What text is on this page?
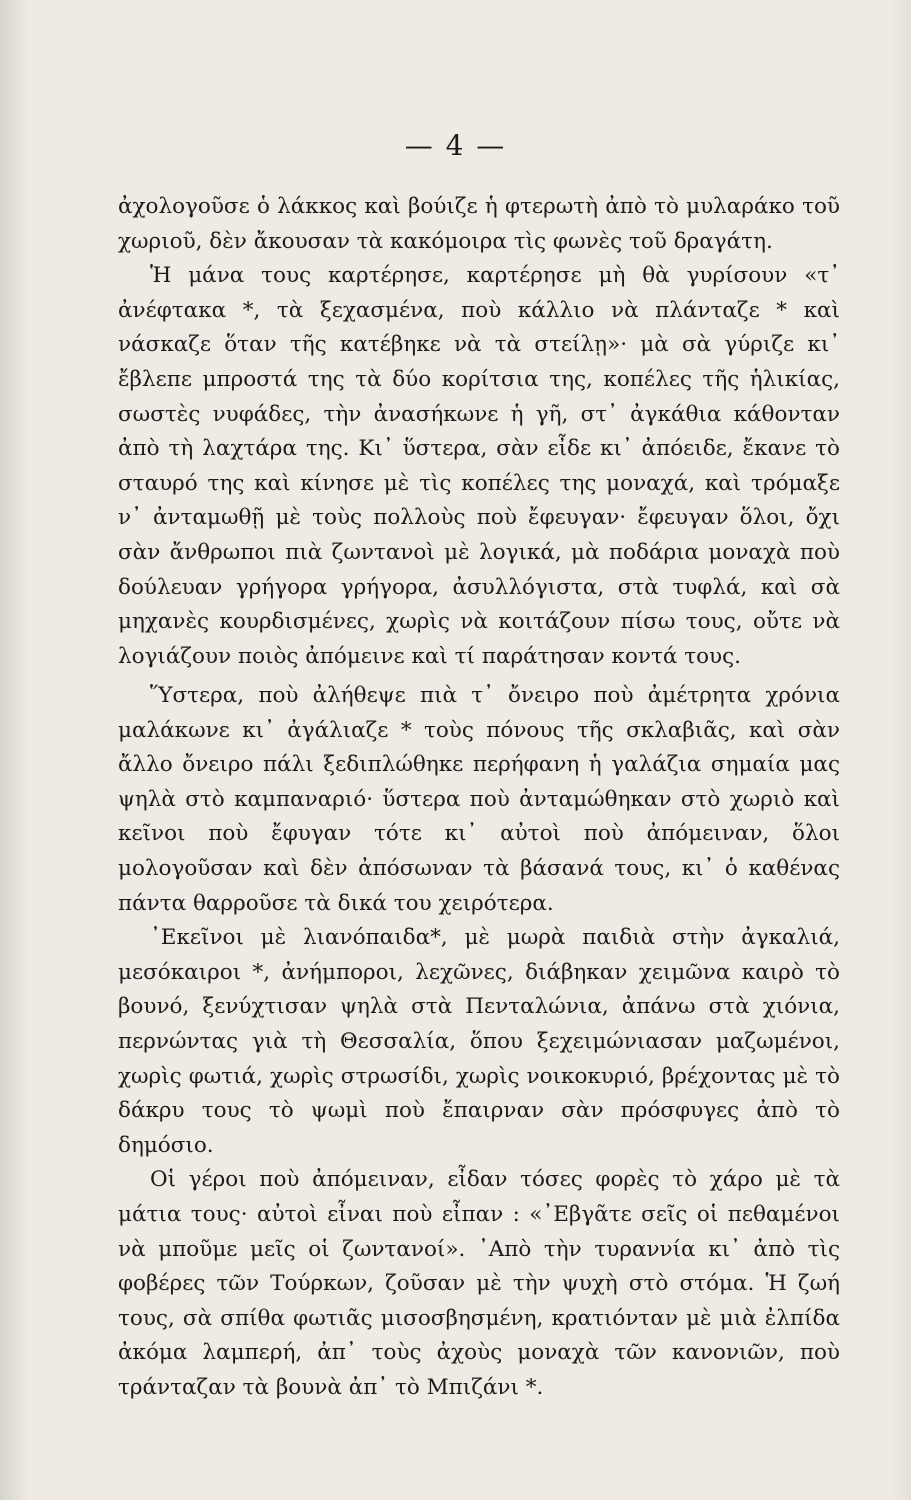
— 4 —

ἀχολογοῦσε ὁ λάκκος καὶ βούιζε ἡ φτερωτὴ ἀπὸ τὸ μυλαράκο τοῦ χωριοῦ, δὲν ἄκουσαν τὰ κακόμοιρα τὶς φωνὲς τοῦ δραγάτη.

Ἡ μάνα τους καρτέρησε, καρτέρησε μὴ θὰ γυρίσουν «τ᾽ ἀνέφτακα *, τὰ ξεχασμένα, ποὺ κάλλιο νὰ πλάνταζε * καὶ νάσκαζε ὅταν τῆς κατέβηκε νὰ τὰ στείλῃ»· μὰ σὰ γύριζε κι᾽ ἔβλεπε μπροστά της τὰ δύο κορίτσια της, κοπέλες τῆς ἡλικίας, σωστὲς νυφάδες, τὴν ἀνασήκωνε ἡ γῆ, στ᾽ ἀγκάθια κάθονταν ἀπὸ τὴ λαχτάρα της. Κι᾽ ὕστερα, σὰν εἶδε κι᾽ ἀπόειδε, ἔκανε τὸ σταυρό της καὶ κίνησε μὲ τὶς κοπέλες της μοναχά, καὶ τρόμαξε ν᾽ ἀνταμωθῇ μὲ τοὺς πολλοὺς ποὺ ἔφευγαν· ἔφευγαν ὅλοι, ὄχι σὰν ἄνθρωποι πιὰ ζωντανοὶ μὲ λογικά, μὰ ποδάρια μοναχὰ ποὺ δούλευαν γρήγορα γρήγορα, ἀσυλλόγιστα, στὰ τυφλά, καὶ σὰ μηχανὲς κουρδισμένες, χωρὶς νὰ κοιτάζουν πίσω τους, οὔτε νὰ λογιάζουν ποιὸς ἀπόμεινε καὶ τί παράτησαν κοντά τους.

Ὕστερα, ποὺ ἀλήθεψε πιὰ τ᾽ ὄνειρο ποὺ ἀμέτρητα χρόνια μαλάκωνε κι᾽ ἀγάλιαζε * τοὺς πόνους τῆς σκλαβιᾶς, καὶ σὰν ἄλλο ὄνειρο πάλι ξεδιπλώθηκε περήφανη ἡ γαλάζια σημαία μας ψηλὰ στὸ καμπαναριό· ὕστερα ποὺ ἀνταμώθηκαν στὸ χωριὸ καὶ κεῖνοι ποὺ ἔφυγαν τότε κι᾽ αὐτοὶ ποὺ ἀπόμειναν, ὅλοι μολογοῦσαν καὶ δὲν ἀπόσωναν τὰ βάσανά τους, κι᾽ ὁ καθένας πάντα θαρροῦσε τὰ δικά του χειρότερα.

᾽Εκεῖνοι μὲ λιανόπαιδα*, μὲ μωρὰ παιδιὰ στὴν ἀγκαλιά, μεσόκαιροι *, ἀνήμποροι, λεχῶνες, διάβηκαν χειμῶνα καιρὸ τὸ βουνό, ξενύχτισαν ψηλὰ στὰ Πενταλώνια, ἀπάνω στὰ χιόνια, περνώντας γιὰ τὴ Θεσσαλία, ὅπου ξεχειμώνιασαν μαζωμένοι, χωρὶς φωτιά, χωρὶς στρωσίδι, χωρὶς νοικοκυριό, βρέχοντας μὲ τὸ δάκρυ τους τὸ ψωμὶ ποὺ ἔπαιρναν σὰν πρόσφυγες ἀπὸ τὸ δημόσιο.

Οἱ γέροι ποὺ ἀπόμειναν, εἶδαν τόσες φορὲς τὸ χάρο μὲ τὰ μάτια τους· αὐτοὶ εἶναι ποὺ εἶπαν : «᾽Εβγᾶτε σεῖς οἱ πεθαμένοι νὰ μποῦμε μεῖς οἱ ζωντανοί». ᾽Απὸ τὴν τυραννία κι᾽ ἀπὸ τὶς φοβέρες τῶν Τούρκων, ζοῦσαν μὲ τὴν ψυχὴ στὸ στόμα. Ἡ ζωή τους, σὰ σπίθα φωτιᾶς μισοσβησμένη, κρατιόνταν μὲ μιὰ ἐλπίδα ἀκόμα λαμπερή, ἀπ᾽ τοὺς ἀχοὺς μοναχὰ τῶν κανονιῶν, ποὺ τράνταζαν τὰ βουνὰ ἀπ᾽ τὸ Μπιζάνι *.
